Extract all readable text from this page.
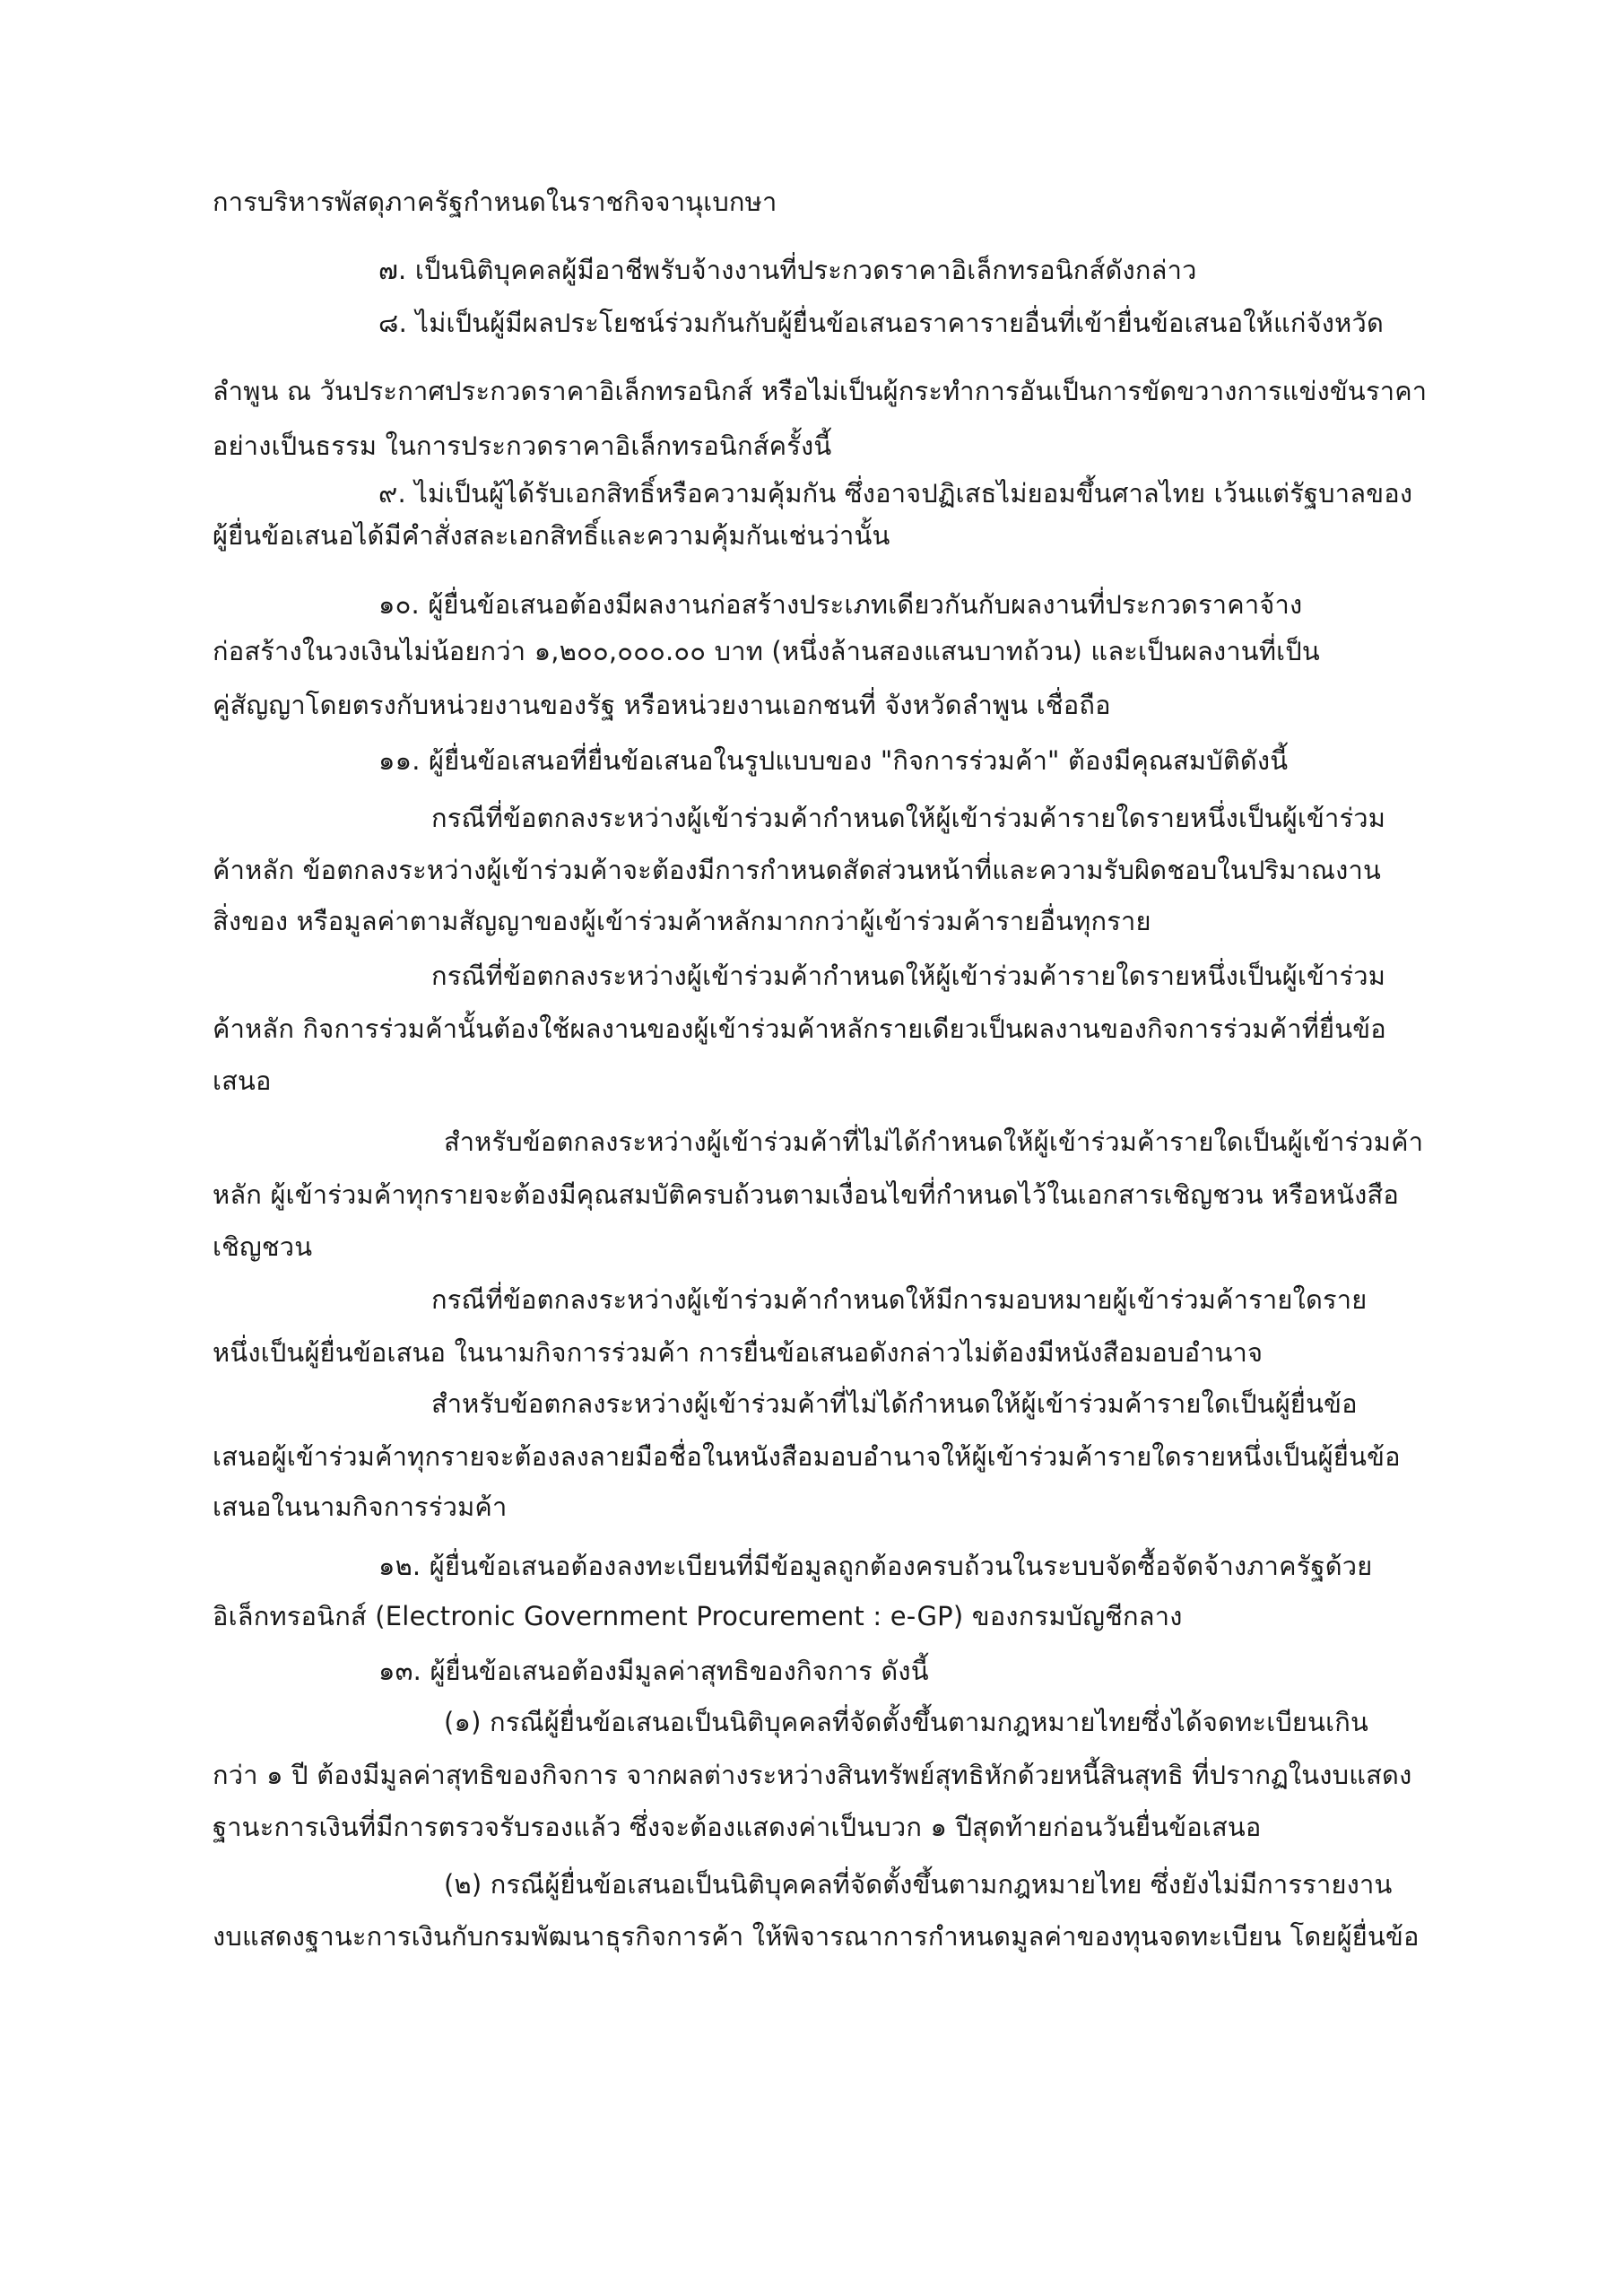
การบริหารพัสดุภาครัฐกำหนดในราชกิจจานุเบกษา
๗. เป็นนิติบุคคลผู้มีอาชีพรับจ้างงานที่ประกวดราคาอิเล็กทรอนิกส์ดังกล่าว
๘. ไม่เป็นผู้มีผลประโยชน์ร่วมกันกับผู้ยื่นข้อเสนอราคารายอื่นที่เข้ายื่นข้อเสนอให้แก่จังหวัด
ลำพูน ณ วันประกาศประกวดราคาอิเล็กทรอนิกส์ หรือไม่เป็นผู้กระทำการอันเป็นการขัดขวางการแข่งขันราคา
อย่างเป็นธรรม ในการประกวดราคาอิเล็กทรอนิกส์ครั้งนี้
๙. ไม่เป็นผู้ได้รับเอกสิทธิ์หรือความคุ้มกัน ซึ่งอาจปฏิเสธไม่ยอมขึ้นศาลไทย เว้นแต่รัฐบาลของ
ผู้ยื่นข้อเสนอได้มีคำสั่งสละเอกสิทธิ์และความคุ้มกันเช่นว่านั้น
๑๐. ผู้ยื่นข้อเสนอต้องมีผลงานก่อสร้างประเภทเดียวกันกับผลงานที่ประกวดราคาจ้าง
ก่อสร้างในวงเงินไม่น้อยกว่า ๑,๒๐๐,๐๐๐.๐๐ บาท (หนึ่งล้านสองแสนบาทถ้วน) และเป็นผลงานที่เป็น
คู่สัญญาโดยตรงกับหน่วยงานของรัฐ หรือหน่วยงานเอกชนที่ จังหวัดลำพูน เชื่อถือ
๑๑. ผู้ยื่นข้อเสนอที่ยื่นข้อเสนอในรูปแบบของ "กิจการร่วมค้า" ต้องมีคุณสมบัติดังนี้
กรณีที่ข้อตกลงระหว่างผู้เข้าร่วมค้ากำหนดให้ผู้เข้าร่วมค้ารายใดรายหนึ่งเป็นผู้เข้าร่วม
ค้าหลัก ข้อตกลงระหว่างผู้เข้าร่วมค้าจะต้องมีการกำหนดสัดส่วนหน้าที่และความรับผิดชอบในปริมาณงาน
สิ่งของ หรือมูลค่าตามสัญญาของผู้เข้าร่วมค้าหลักมากกว่าผู้เข้าร่วมค้ารายอื่นทุกราย
กรณีที่ข้อตกลงระหว่างผู้เข้าร่วมค้ากำหนดให้ผู้เข้าร่วมค้ารายใดรายหนึ่งเป็นผู้เข้าร่วม
ค้าหลัก กิจการร่วมค้านั้นต้องใช้ผลงานของผู้เข้าร่วมค้าหลักรายเดียวเป็นผลงานของกิจการร่วมค้าที่ยื่นข้อ
เสนอ
สำหรับข้อตกลงระหว่างผู้เข้าร่วมค้าที่ไม่ได้กำหนดให้ผู้เข้าร่วมค้ารายใดเป็นผู้เข้าร่วมค้า
หลัก ผู้เข้าร่วมค้าทุกรายจะต้องมีคุณสมบัติครบถ้วนตามเงื่อนไขที่กำหนดไว้ในเอกสารเชิญชวน หรือหนังสือ
เชิญชวน
กรณีที่ข้อตกลงระหว่างผู้เข้าร่วมค้ากำหนดให้มีการมอบหมายผู้เข้าร่วมค้ารายใดราย
หนึ่งเป็นผู้ยื่นข้อเสนอ ในนามกิจการร่วมค้า การยื่นข้อเสนอดังกล่าวไม่ต้องมีหนังสือมอบอำนาจ
สำหรับข้อตกลงระหว่างผู้เข้าร่วมค้าที่ไม่ได้กำหนดให้ผู้เข้าร่วมค้ารายใดเป็นผู้ยื่นข้อ
เสนอผู้เข้าร่วมค้าทุกรายจะต้องลงลายมือชื่อในหนังสือมอบอำนาจให้ผู้เข้าร่วมค้ารายใดรายหนึ่งเป็นผู้ยื่นข้อ
เสนอในนามกิจการร่วมค้า
๑๒. ผู้ยื่นข้อเสนอต้องลงทะเบียนที่มีข้อมูลถูกต้องครบถ้วนในระบบจัดซื้อจัดจ้างภาครัฐด้วย
อิเล็กทรอนิกส์ (Electronic Government Procurement : e-GP) ของกรมบัญชีกลาง
๑๓. ผู้ยื่นข้อเสนอต้องมีมูลค่าสุทธิของกิจการ ดังนี้
(๑) กรณีผู้ยื่นข้อเสนอเป็นนิติบุคคลที่จัดตั้งขึ้นตามกฎหมายไทยซึ่งได้จดทะเบียนเกิน
กว่า ๑ ปี ต้องมีมูลค่าสุทธิของกิจการ จากผลต่างระหว่างสินทรัพย์สุทธิหักด้วยหนี้สินสุทธิ ที่ปรากฏในงบแสดง
ฐานะการเงินที่มีการตรวจรับรองแล้ว ซึ่งจะต้องแสดงค่าเป็นบวก ๑ ปีสุดท้ายก่อนวันยื่นข้อเสนอ
(๒) กรณีผู้ยื่นข้อเสนอเป็นนิติบุคคลที่จัดตั้งขึ้นตามกฎหมายไทย ซึ่งยังไม่มีการรายงาน
งบแสดงฐานะการเงินกับกรมพัฒนาธุรกิจการค้า ให้พิจารณาการกำหนดมูลค่าของทุนจดทะเบียน โดยผู้ยื่นข้อ
